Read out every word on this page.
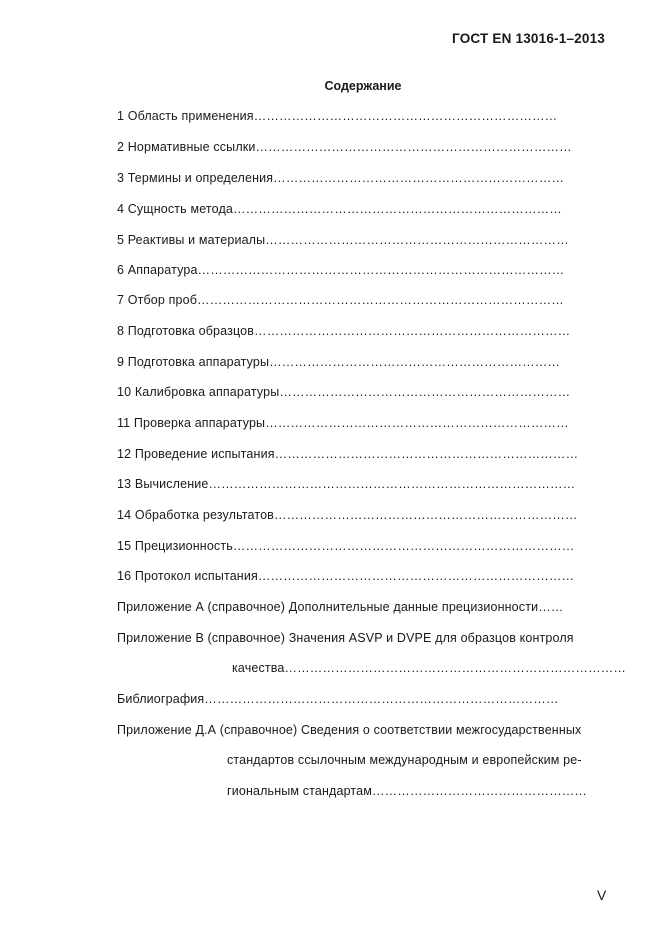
ГОСТ EN 13016-1–2013
Содержание
1 Область применения………………………………………………………………
2 Нормативные ссылки…………………………………………………………………
3 Термины и определения……………………………………………………………
4 Сущность метода……………………………………………………………………
5 Реактивы и материалы………………………………………………………………
6 Аппаратура……………………………………………………………………………
7 Отбор проб……………………………………………………………………………
8 Подготовка образцов…………………………………………………………………
9 Подготовка аппаратуры……………………………………………………………
10 Калибровка аппаратуры……………………………………………………………
11 Проверка аппаратуры………………………………………………………………
12 Проведение испытания………………………………………………………………
13 Вычисление……………………………………………………………………………
14 Обработка результатов………………………………………………………………
15 Прецизионность………………………………………………………………………
16 Протокол испытания…………………………………………………………………
Приложение А (справочное) Дополнительные данные прецизионности……
Приложение В (справочное) Значения ASVP и DVPE для образцов контроля
качества………………………………………………………………………
Библиография…………………………………………………………………………
Приложение Д.А (справочное) Сведения о соответствии межгосударственных
стандартов ссылочным международным и европейским ре-
гиональным стандартам……………………………………………
V
